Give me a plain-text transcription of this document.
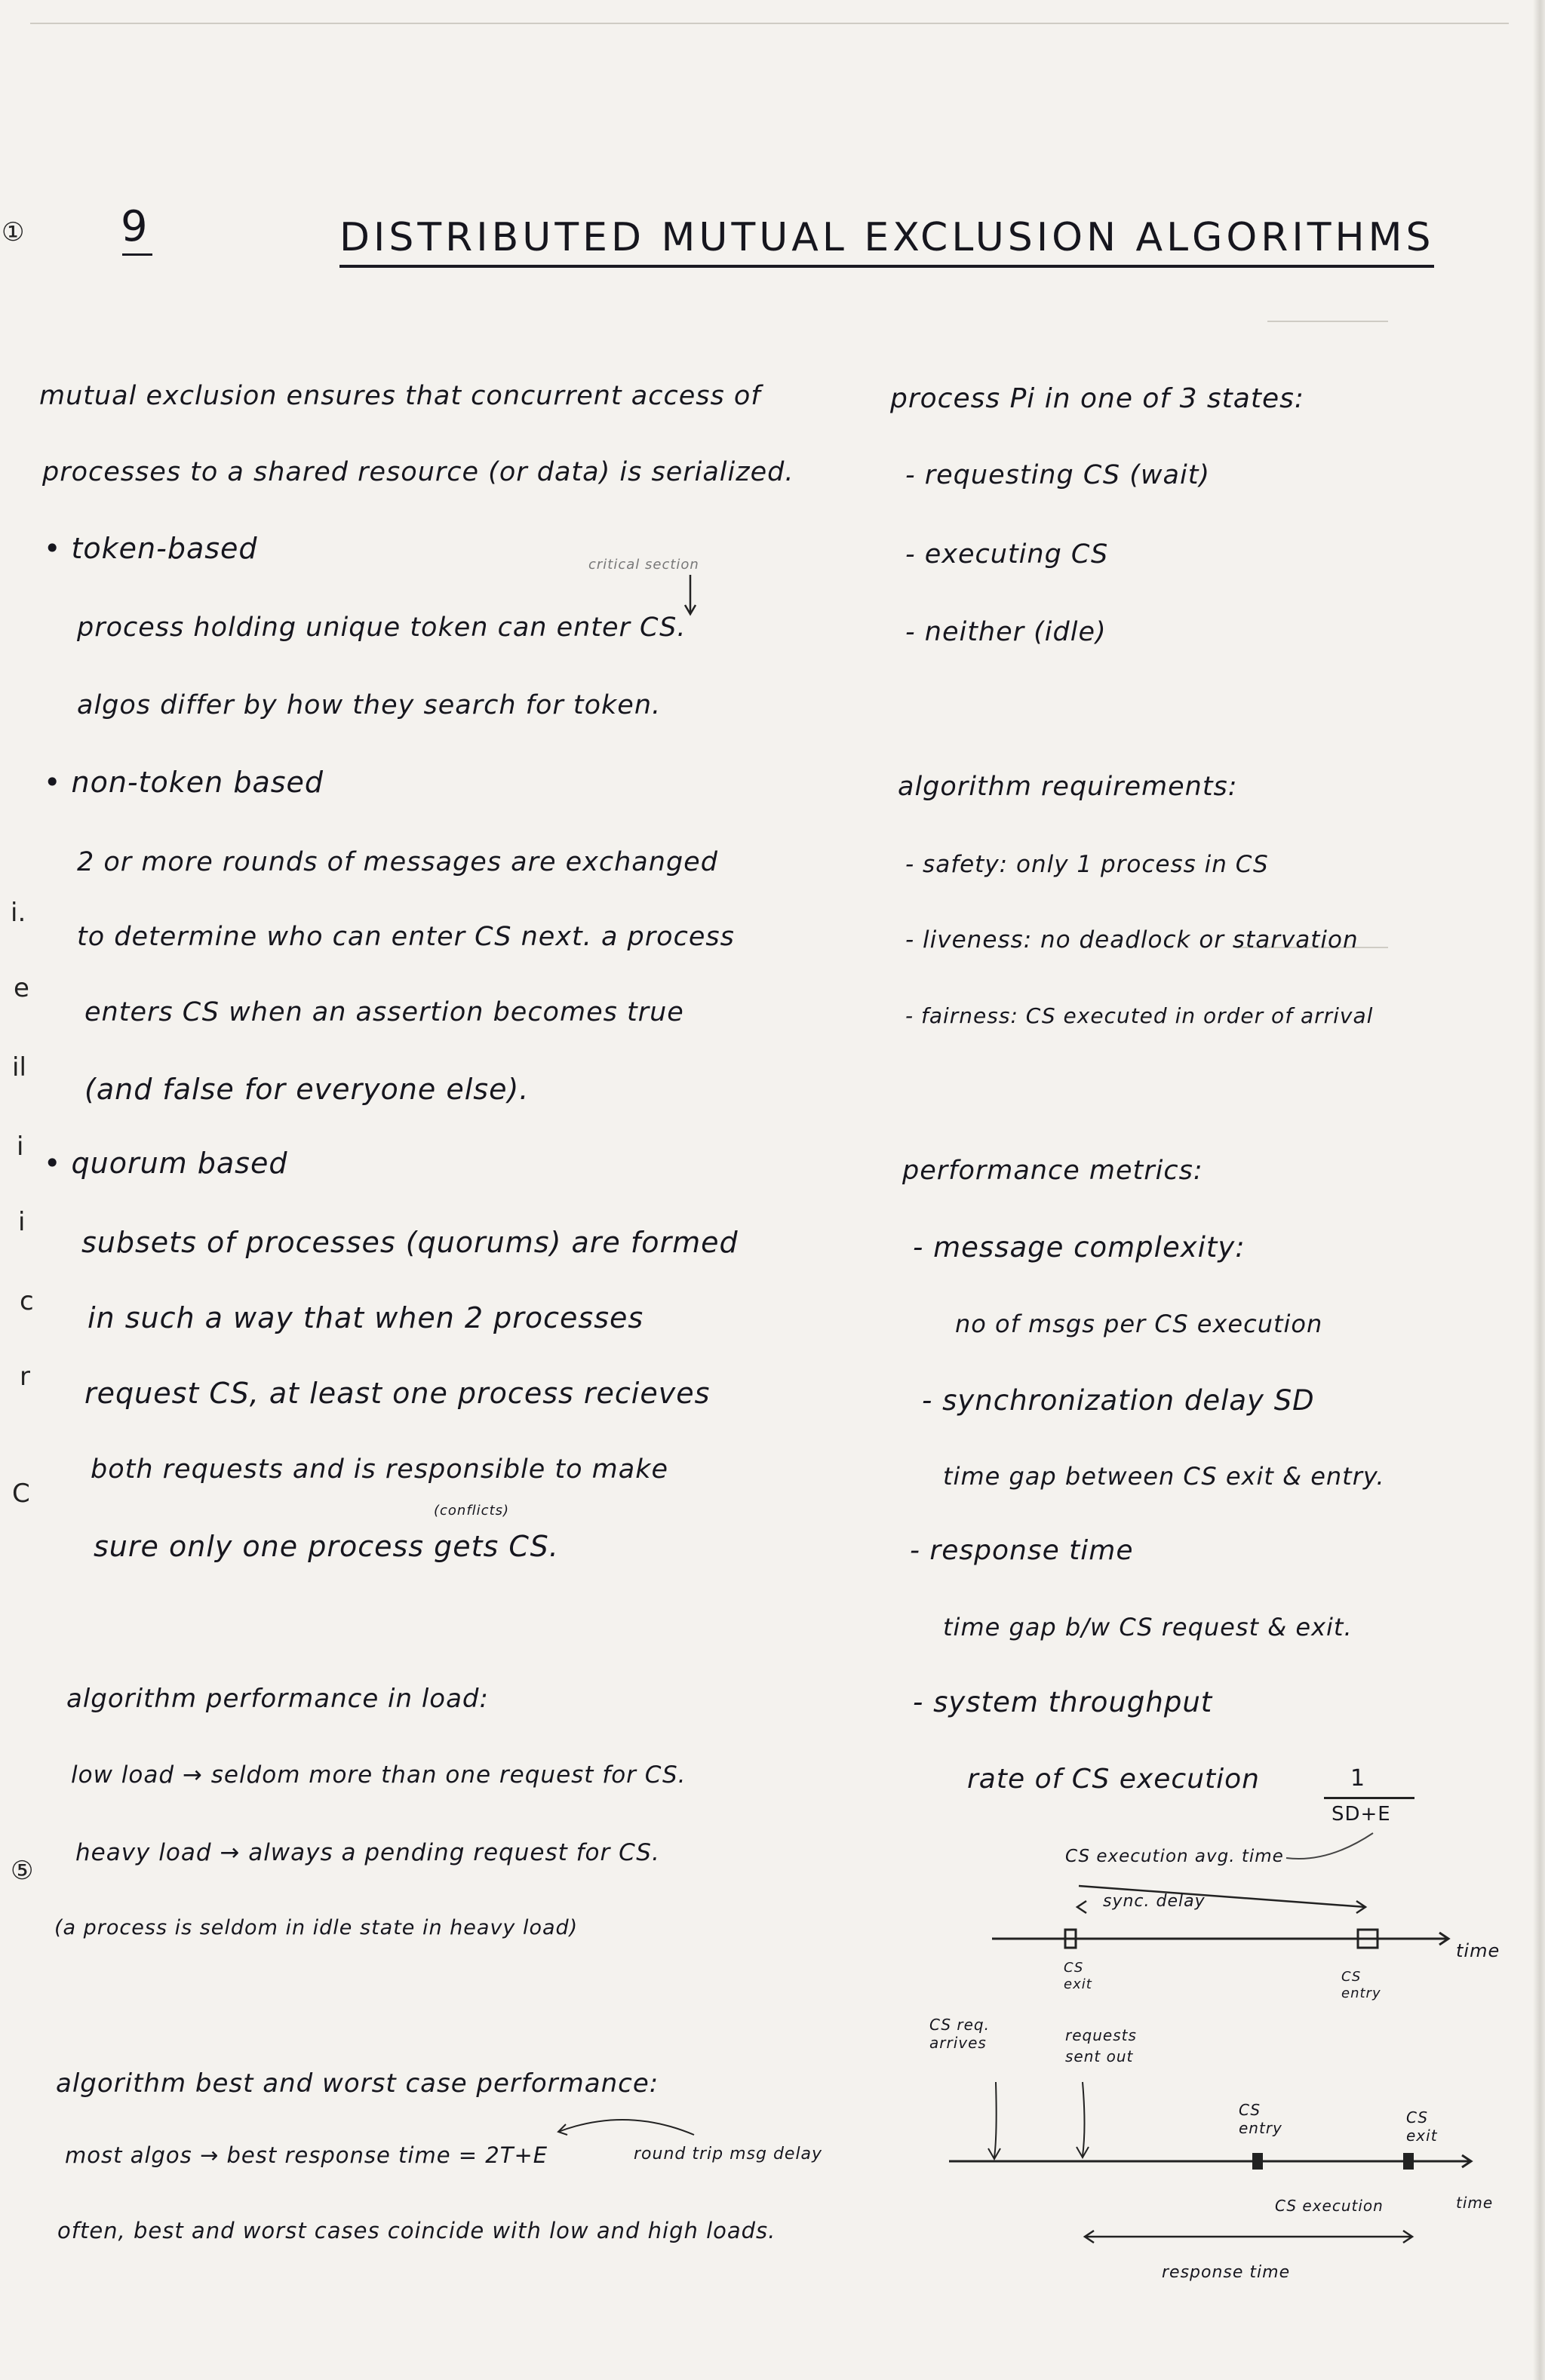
①
i.
e
il
i
i
c
r
C
⑤
9	DISTRIBUTED MUTUAL EXCLUSION ALGORITHMS
mutual exclusion ensures that concurrent access of
processes to a shared resource (or data) is serialized.
• token-based	critical section
process holding unique token can enter CS.
algos differ by how they search for token.
• non-token based
2 or more rounds of messages are exchanged
to determine who can enter CS next. a process
enters CS when an assertion becomes true
(and false for everyone else).
• quorum based
subsets of processes (quorums) are formed
in such a way that when 2 processes
request CS, at least one process recieves
both requests and is responsible to make
(conflicts)
sure only one process gets CS.
algorithm performance in load:
low load → seldom more than one request for CS.
heavy load → always a pending request for CS.
(a process is seldom in idle state in heavy load)
algorithm best and worst case performance:
most algos → best response time = 2T+E	round trip msg delay
often, best and worst cases coincide with low and high loads.
process Pi in one of 3 states:
- requesting CS (wait)
- executing CS
- neither (idle)
algorithm requirements:
- safety: only 1 process in CS
- liveness: no deadlock or starvation
- fairness: CS executed in order of arrival
performance metrics:
- message complexity:
no of msgs per CS execution
- synchronization delay SD
time gap between CS exit & entry.
- response time
time gap b/w CS request & exit.
- system throughput
rate of CS execution	1
SD+E
CS execution avg. time
sync. delay
time
CS exit	CS entry
CS req. arrives	requests sent out
CS entry
CS exit
CS execution	time
response time
